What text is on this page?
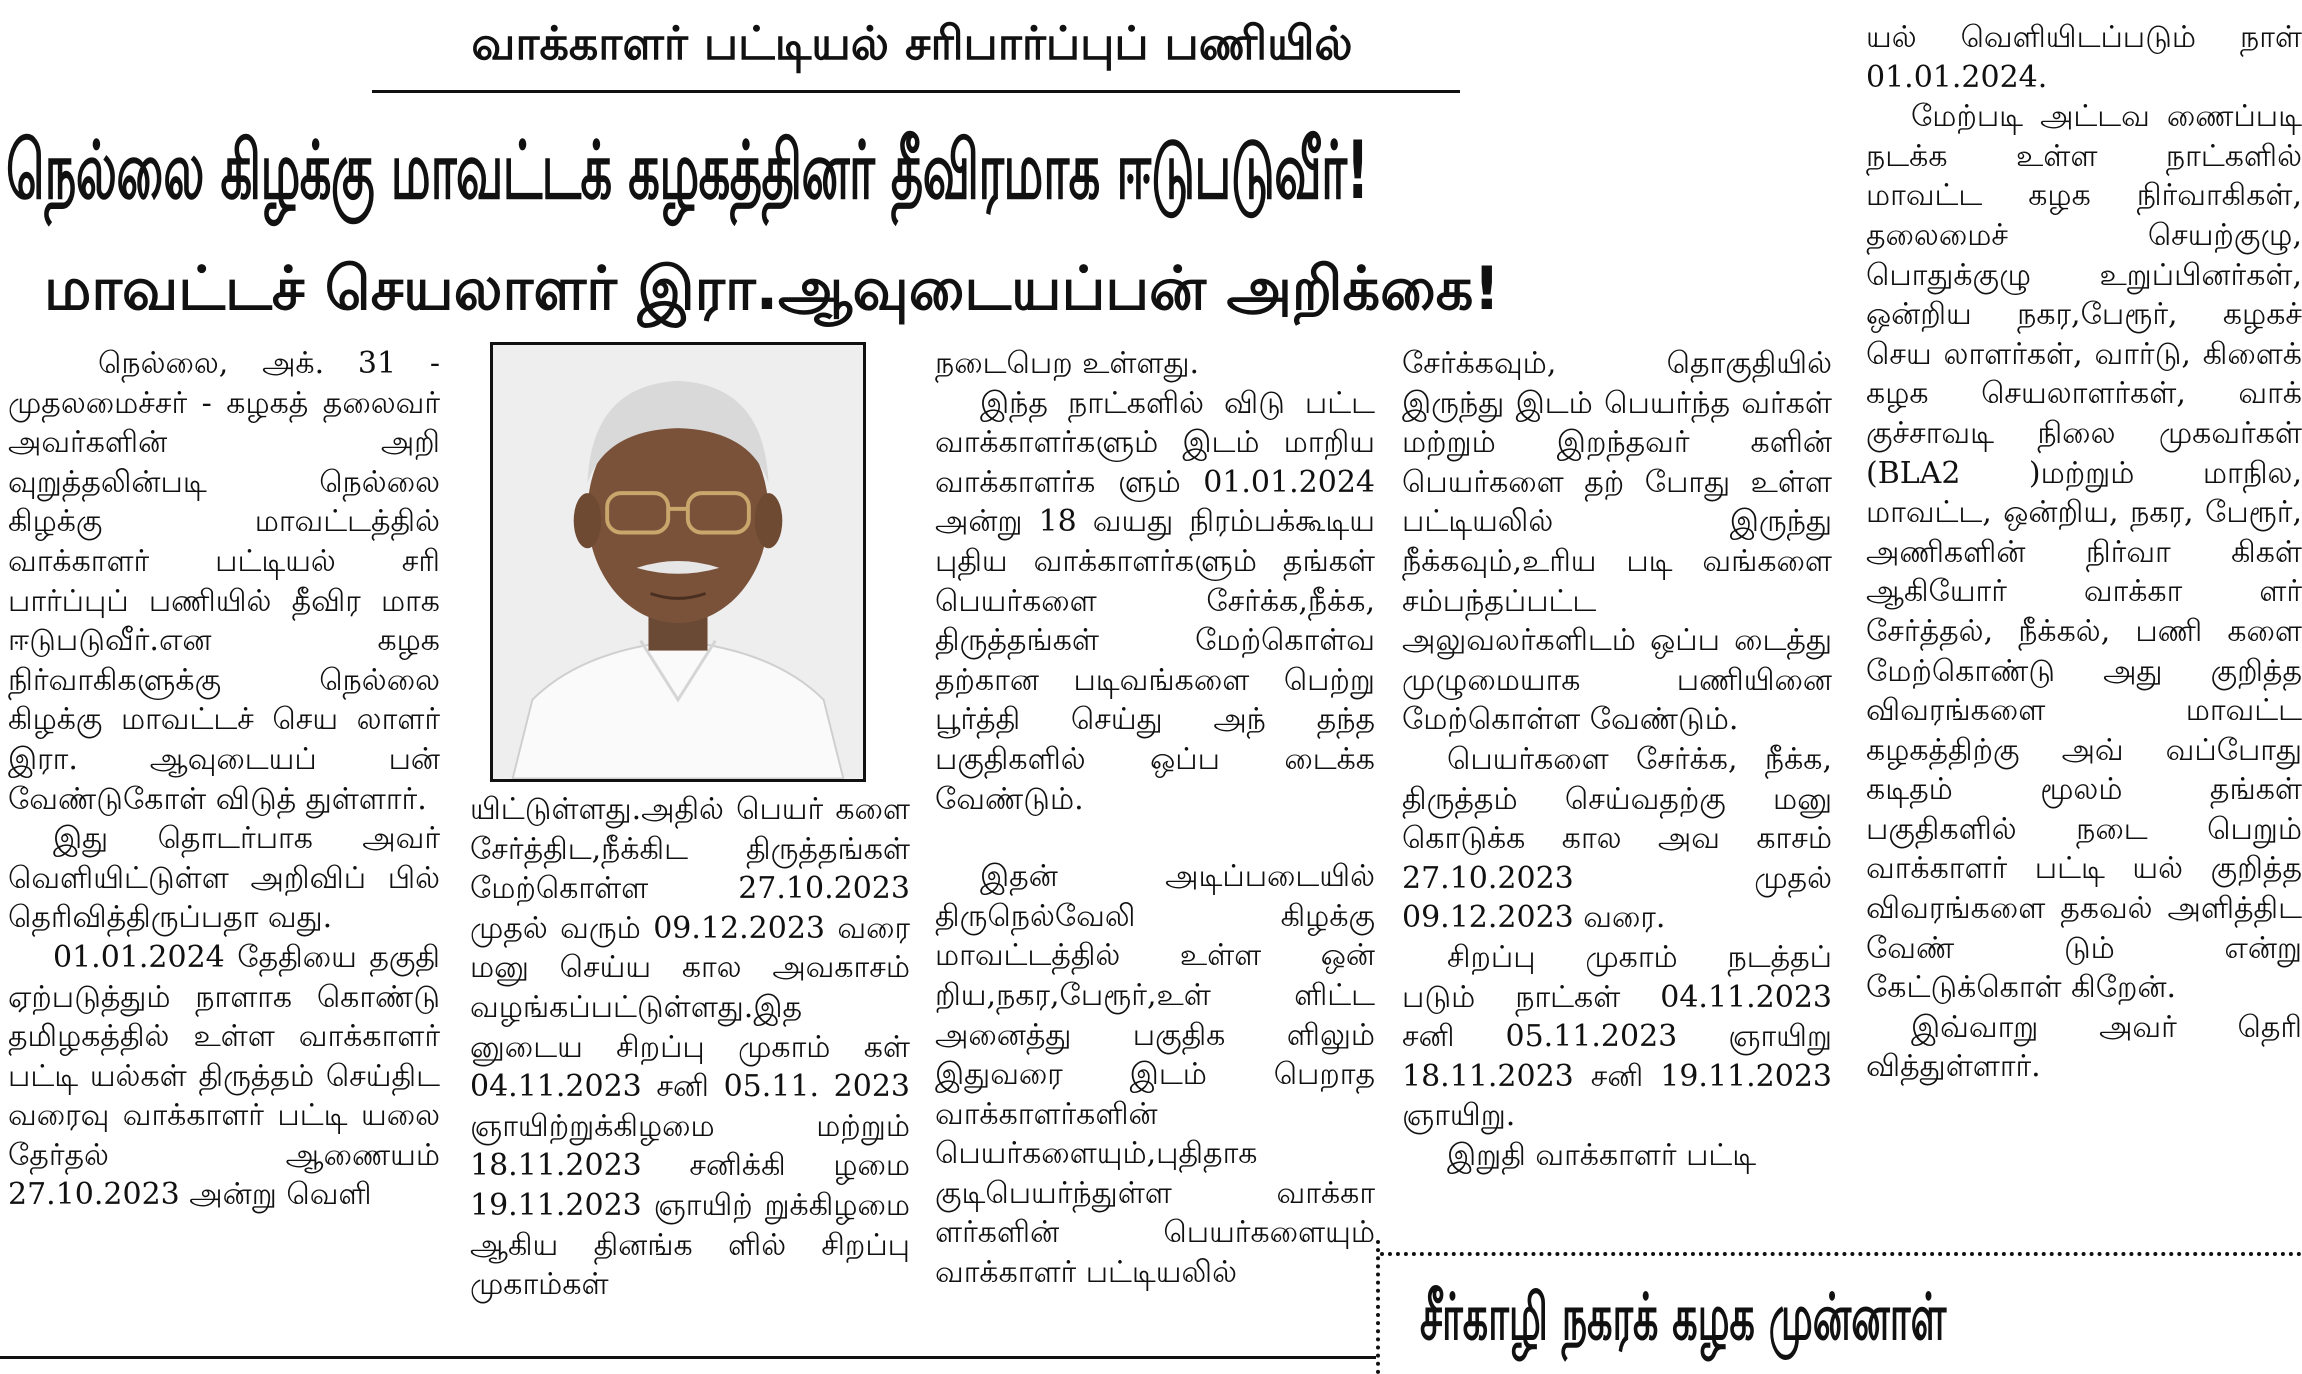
வாக்காளர் பட்டியல் சரிபார்ப்புப் பணியில்
நெல்லை கிழக்கு மாவட்டக் கழகத்தினர் தீவிரமாக ஈடுபடுவீர்!
மாவட்டச் செயலாளர் இரா.ஆவுடையப்பன் அறிக்கை!

நெல்லை, அக். 31 - முதலமைச்சர் - கழகத் தலைவர் அவர்களின் அறி வுறுத்தலின்படி நெல்லை கிழக்கு மாவட்டத்தில் வாக்காளர் பட்டியல் சரி பார்ப்புப் பணியில் தீவிர மாக ஈடுபடுவீர்.என கழக நிர்வாகிகளுக்கு நெல்லை கிழக்கு மாவட்டச் செய லாளர் இரா. ஆவுடையப் பன் வேண்டுகோள் விடுத் துள்ளார்.

இது தொடர்பாக அவர் வெளியிட்டுள்ள அறிவிப் பில் தெரிவித்திருப்பதா வது.

01.01.2024 தேதியை தகுதி ஏற்படுத்தும் நாளாக கொண்டு தமிழகத்தில் உள்ள வாக்காளர் பட்டி யல்கள் திருத்தம் செய்திட வரைவு வாக்காளர் பட்டி யலை தேர்தல் ஆணையம் 27.10.2023 அன்று வெளி

யிட்டுள்ளது.அதில் பெயர் களை சேர்த்திட,நீக்கிட திருத்தங்கள் மேற்கொள்ள 27.10.2023 முதல் வரும் 09.12.2023 வரை மனு செய்ய கால அவகாசம் வழங்கப்பட்டுள்ளது.இத னுடைய சிறப்பு முகாம் கள் 04.11.2023 சனி 05.11. 2023 ஞாயிற்றுக்கிழமை மற்றும் 18.11.2023 சனிக்கி ழமை 19.11.2023 ஞாயிற் றுக்கிழமை ஆகிய தினங்க ளில் சிறப்பு முகாம்கள்

நடைபெற உள்ளது.

இந்த நாட்களில் விடு பட்ட வாக்காளர்களும் இடம் மாறிய வாக்காளர்க ளும் 01.01.2024 அன்று 18 வயது நிரம்பக்கூடிய புதிய வாக்காளர்களும் தங்கள் பெயர்களை சேர்க்க,நீக்க, திருத்தங்கள் மேற்கொள்வ தற்கான படிவங்களை பெற்று பூர்த்தி செய்து அந் தந்த பகுதிகளில் ஒப்ப டைக்க வேண்டும்.

இதன் அடிப்படையில் திருநெல்வேலி கிழக்கு மாவட்டத்தில் உள்ள ஒன் றிய,நகர,பேரூர்,உள் ளிட்ட அனைத்து பகுதிக ளிலும் இதுவரை இடம் பெறாத வாக்காளர்களின் பெயர்களையும்,புதிதாக குடிபெயர்ந்துள்ள வாக்கா ளர்களின் பெயர்களையும் வாக்காளர் பட்டியலில்

சேர்க்கவும், தொகுதியில் இருந்து இடம் பெயர்ந்த வர்கள் மற்றும் இறந்தவர் களின் பெயர்களை தற் போது உள்ள பட்டியலில் இருந்து நீக்கவும்,உரிய படி வங்களை சம்பந்தப்பட்ட அலுவலர்களிடம் ஒப்ப டைத்து முழுமையாக பணியினை மேற்கொள்ள வேண்டும்.

பெயர்களை சேர்க்க, நீக்க, திருத்தம் செய்வதற்கு மனு கொடுக்க கால அவ காசம் 27.10.2023 முதல் 09.12.2023 வரை.

சிறப்பு முகாம் நடத்தப் படும் நாட்கள் 04.11.2023 சனி 05.11.2023 ஞாயிறு 18.11.2023 சனி 19.11.2023 ஞாயிறு.

இறுதி வாக்காளர் பட்டி

யல் வெளியிடப்படும் நாள் 01.01.2024.

மேற்படி அட்டவ ணைப்படி நடக்க உள்ள நாட்களில் மாவட்ட கழக நிர்வாகிகள், தலைமைச் செயற்குழு, பொதுக்குழு உறுப்பினர்கள், ஒன்றிய நகர,பேரூர், கழகச் செய லாளர்கள், வார்டு, கிளைக் கழக செயலாளர்கள், வாக் குச்சாவடி நிலை முகவர்கள் (BLA2 )மற்றும் மாநில, மாவட்ட, ஒன்றிய, நகர, பேரூர், அணிகளின் நிர்வா கிகள் ஆகியோர் வாக்கா ளர் சேர்த்தல், நீக்கல், பணி களை மேற்கொண்டு அது குறித்த விவரங்களை மாவட்ட கழகத்திற்கு அவ் வப்போது கடிதம் மூலம் தங்கள் பகுதிகளில் நடை பெறும் வாக்காளர் பட்டி யல் குறித்த விவரங்களை தகவல் அளித்திட வேண் டும் என்று கேட்டுக்கொள் கிறேன்.

இவ்வாறு அவர் தெரி வித்துள்ளார்.

சீர்காழி நகரக் கழக முன்னாள்
